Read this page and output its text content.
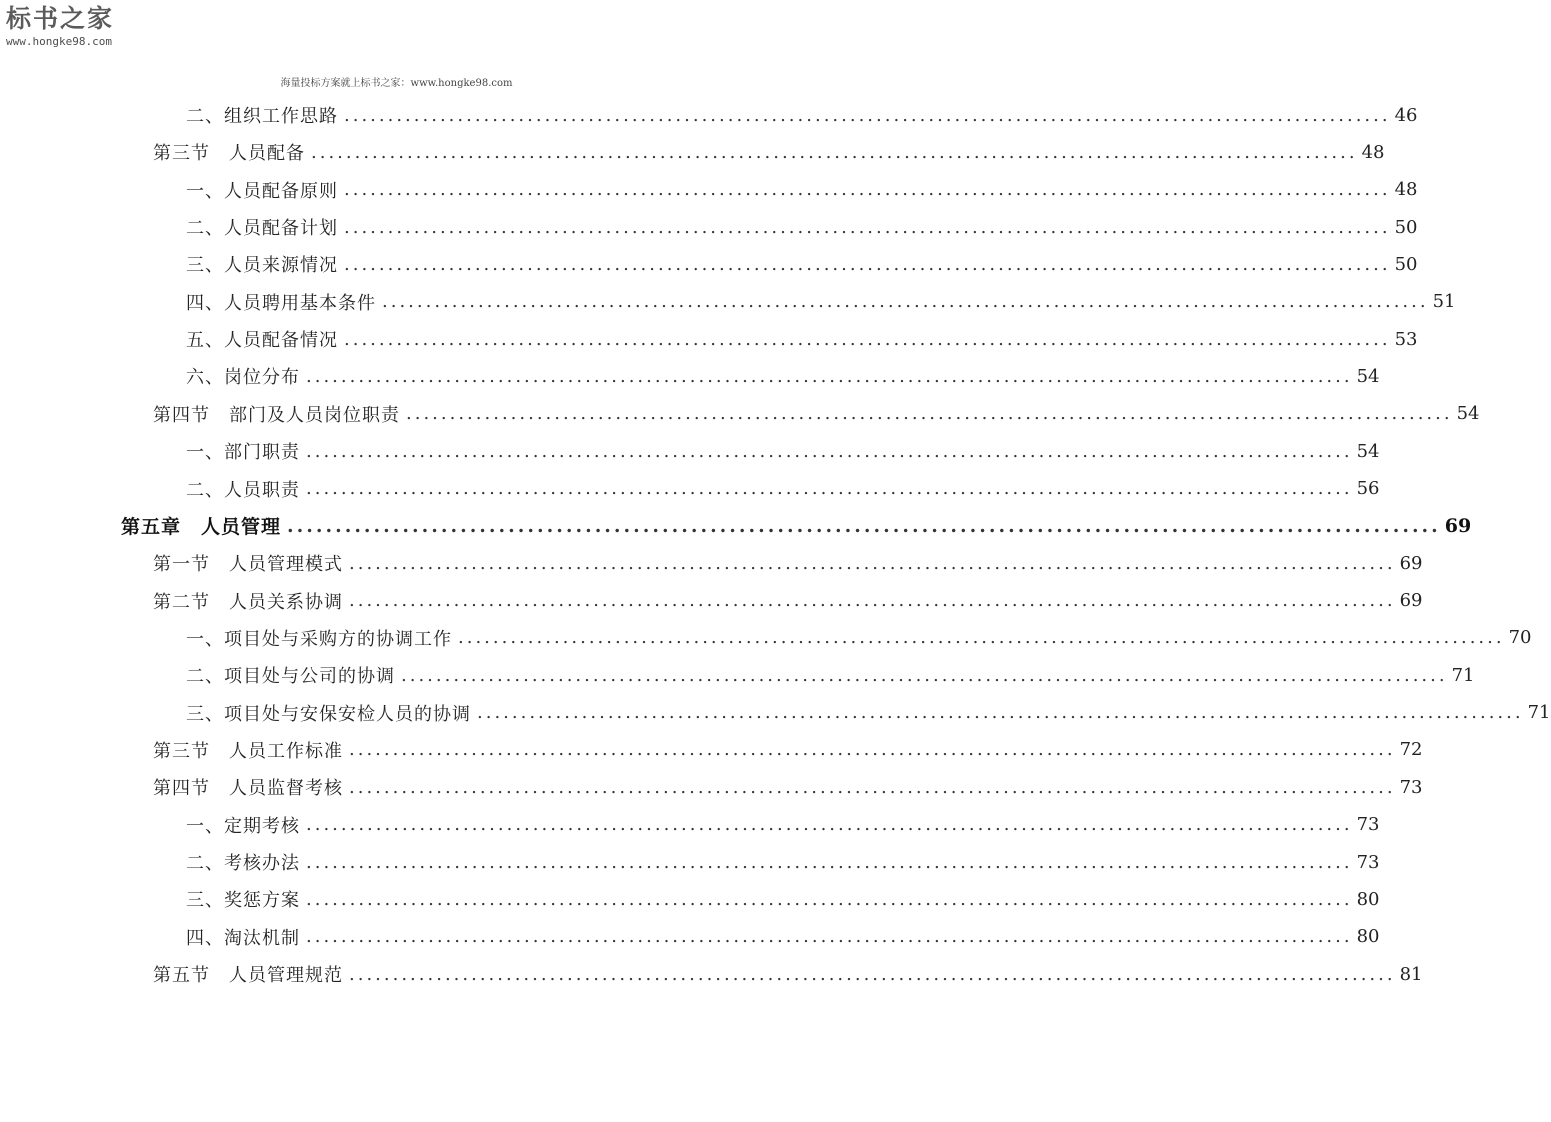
标书之家
www.hongke98.com
海量投标方案就上标书之家：www.hongke98.com
二、组织工作思路 ........................................................................................................................ 46
第三节　人员配备 ........................................................................................................................ 48
一、人员配备原则 ........................................................................................................................ 48
二、人员配备计划 ........................................................................................................................ 50
三、人员来源情况 ........................................................................................................................ 50
四、人员聘用基本条件 ........................................................................................................................ 51
五、人员配备情况 ........................................................................................................................ 53
六、岗位分布 ........................................................................................................................ 54
第四节　部门及人员岗位职责 ........................................................................................................................ 54
一、部门职责 ........................................................................................................................ 54
二、人员职责 ........................................................................................................................ 56
第五章　人员管理 ........................................................................................................................ 69
第一节　人员管理模式 ........................................................................................................................ 69
第二节　人员关系协调 ........................................................................................................................ 69
一、项目处与采购方的协调工作 ........................................................................................................................ 70
二、项目处与公司的协调 ........................................................................................................................ 71
三、项目处与安保安检人员的协调 ........................................................................................................................ 71
第三节　人员工作标准 ........................................................................................................................ 72
第四节　人员监督考核 ........................................................................................................................ 73
一、定期考核 ........................................................................................................................ 73
二、考核办法 ........................................................................................................................ 73
三、奖惩方案 ........................................................................................................................ 80
四、淘汰机制 ........................................................................................................................ 80
第五节　人员管理规范 ........................................................................................................................ 81
